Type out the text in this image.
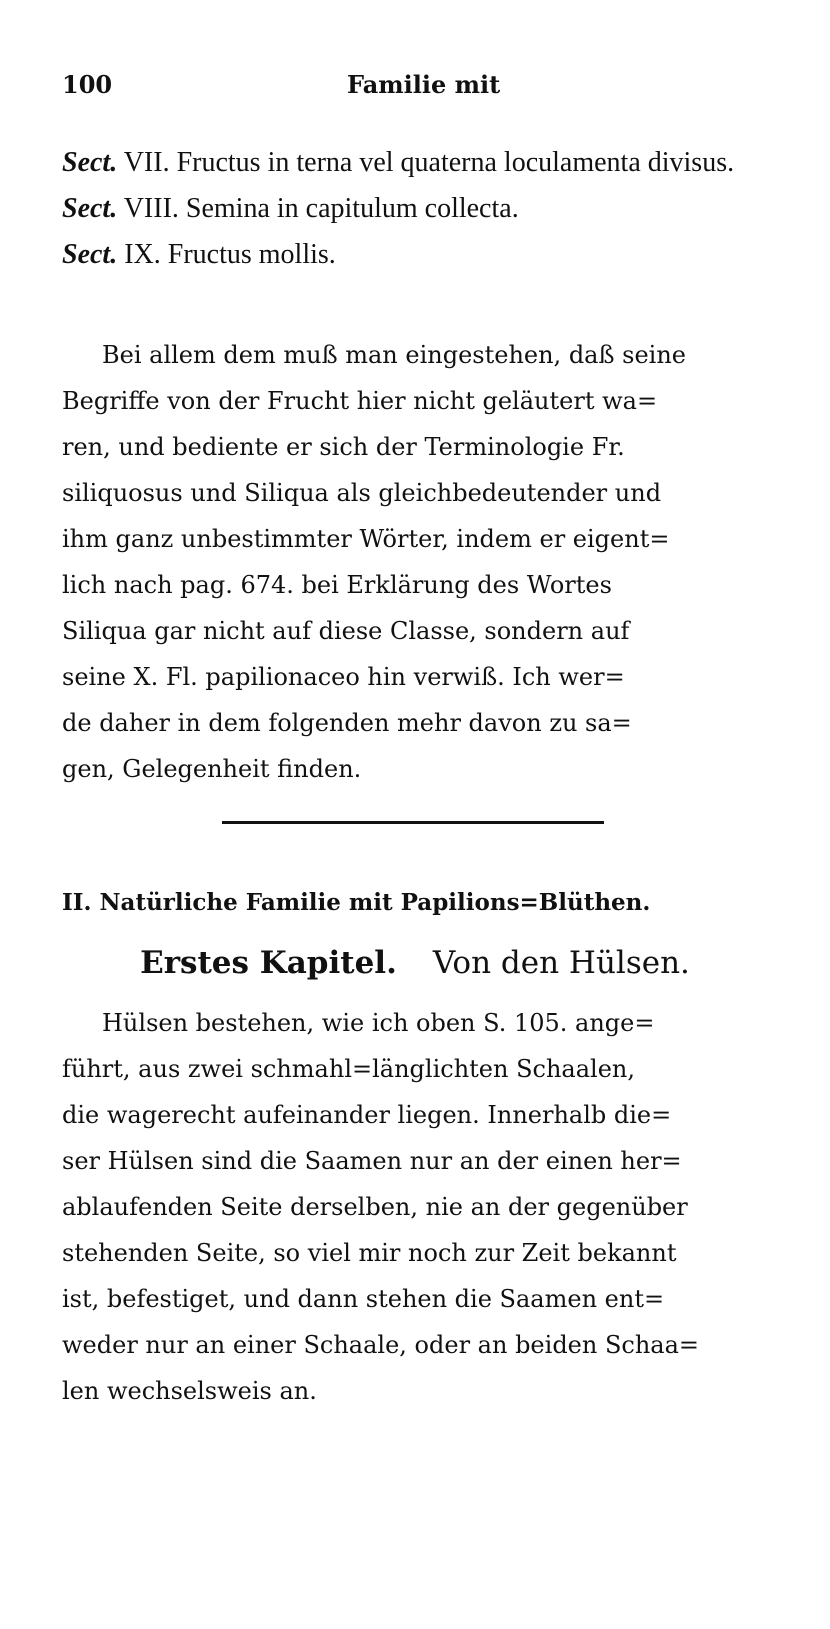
100	Familie mit
Sect. VII. Fructus in terna vel quaterna loculamenta divisus.
Sect. VIII. Semina in capitulum collecta.
Sect. IX. Fructus mollis.
Bei allem dem muß man eingestehen, daß seine
Begriffe von der Frucht hier nicht geläutert wa=
ren, und bediente er sich der Terminologie Fr.
siliquosus und Siliqua als gleichbedeutender und
ihm ganz unbestimmter Wörter, indem er eigent=
lich nach pag. 674. bei Erklärung des Wortes
Siliqua gar nicht auf diese Classe, sondern auf
seine X. Fl. papilionaceo hin verwiß. Ich wer=
de daher in dem folgenden mehr davon zu sa=
gen, Gelegenheit finden.
II. Natürliche Familie mit Papilions=Blüthen.
Erstes Kapitel. Von den Hülsen.
Hülsen bestehen, wie ich oben S. 105. ange=
führt, aus zwei schmahl=länglichten Schaalen,
die wagerecht aufeinander liegen. Innerhalb die=
ser Hülsen sind die Saamen nur an der einen her=
ablaufenden Seite derselben, nie an der gegenüber
stehenden Seite, so viel mir noch zur Zeit bekannt
ist, befestiget, und dann stehen die Saamen ent=
weder nur an einer Schaale, oder an beiden Schaa=
len wechselsweis an.
